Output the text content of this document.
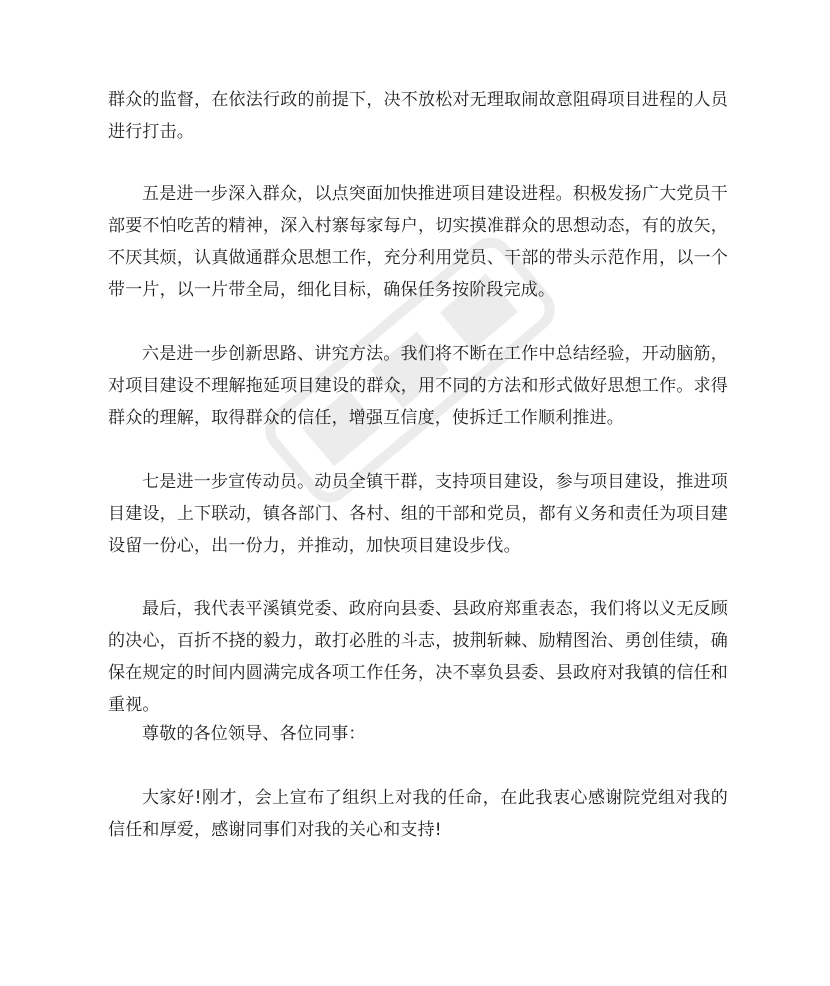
群众的监督，在依法行政的前提下，决不放松对无理取闹故意阻碍项目进程的人员进行打击。

五是进一步深入群众，以点突面加快推进项目建设进程。积极发扬广大党员干部要不怕吃苦的精神，深入村寨每家每户，切实摸准群众的思想动态，有的放矢，不厌其烦，认真做通群众思想工作，充分利用党员、干部的带头示范作用，以一个带一片，以一片带全局，细化目标，确保任务按阶段完成。

六是进一步创新思路、讲究方法。我们将不断在工作中总结经验，开动脑筋，对项目建设不理解拖延项目建设的群众，用不同的方法和形式做好思想工作。求得群众的理解，取得群众的信任，增强互信度，使拆迁工作顺利推进。

七是进一步宣传动员。动员全镇干群，支持项目建设，参与项目建设，推进项目建设，上下联动，镇各部门、各村、组的干部和党员，都有义务和责任为项目建设留一份心，出一份力，并推动，加快项目建设步伐。

最后，我代表平溪镇党委、政府向县委、县政府郑重表态，我们将以义无反顾的决心，百折不挠的毅力，敢打必胜的斗志，披荆斩棘、励精图治、勇创佳绩，确保在规定的时间内圆满完成各项工作任务，决不辜负县委、县政府对我镇的信任和重视。

尊敬的各位领导、各位同事：

大家好!刚才，会上宣布了组织上对我的任命，在此我衷心感谢院党组对我的信任和厚爱，感谢同事们对我的关心和支持!
